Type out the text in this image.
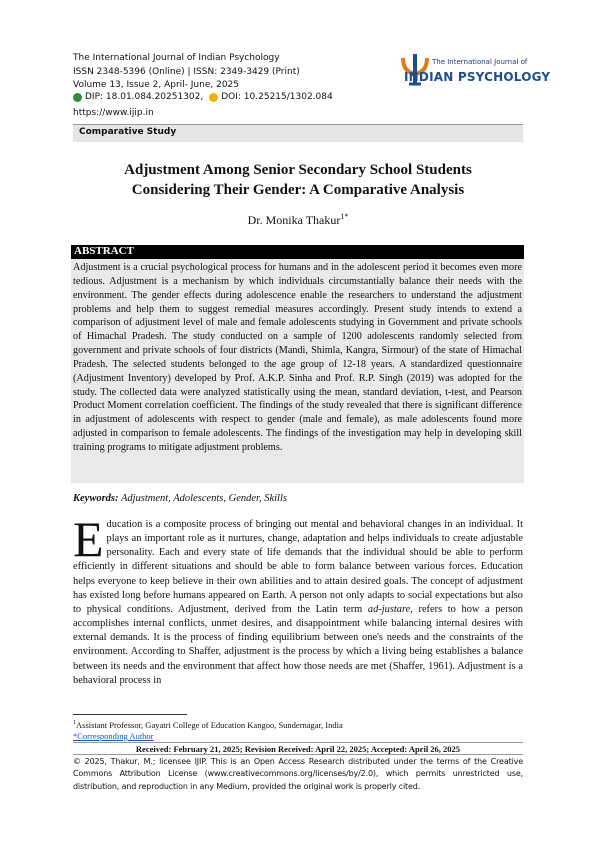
The International Journal of Indian Psychology
ISSN 2348-5396 (Online) | ISSN: 2349-3429 (Print)
Volume 13, Issue 2, April- June, 2025
DIP: 18.01.084.20251302, DOI: 10.25215/1302.084
https://www.ijip.in
The International Journal of
INDIAN PSYCHOLOGY
Comparative Study
Adjustment Among Senior Secondary School Students
Considering Their Gender: A Comparative Analysis
Dr. Monika Thakur$^{1*}$
ABSTRACT
Adjustment is a crucial psychological process for humans and in the adolescent period it becomes even more tedious. Adjustment is a mechanism by which individuals circumstantially balance their needs with the environment. The gender effects during adolescence enable the researchers to understand the adjustment problems and help them to suggest remedial measures accordingly. Present study intends to extend a comparison of adjustment level of male and female adolescents studying in Government and private schools of Himachal Pradesh. The study conducted on a sample of 1200 adolescents randomly selected from government and private schools of four districts (Mandi, Shimla, Kangra, Sirmour) of the state of Himachal Pradesh. The selected students belonged to the age group of 12-18 years. A standardized questionnaire (Adjustment Inventory) developed by Prof. A.K.P. Sinha and Prof. R.P. Singh (2019) was adopted for the study. The collected data were analyzed statistically using the mean, standard deviation, t-test, and Pearson Product Moment correlation coefficient. The findings of the study revealed that there is significant difference in adjustment of adolescents with respect to gender (male and female), as male adolescents found more adjusted in comparison to female adolescents. The findings of the investigation may help in developing skill training programs to mitigate adjustment problems.
Keywords: Adjustment, Adolescents, Gender, Skills
Education is a composite process of bringing out mental and behavioral changes in an individual. It plays an important role as it nurtures, change, adaptation and helps individuals to create adjustable personality. Each and every state of life demands that the individual should be able to perform efficiently in different situations and should be able to form balance between various forces. Education helps everyone to keep believe in their own abilities and to attain desired goals. The concept of adjustment has existed long before humans appeared on Earth. A person not only adapts to social expectations but also to physical conditions. Adjustment, derived from the Latin term ad-justare, refers to how a person accomplishes internal conflicts, unmet desires, and disappointment while balancing internal desires with external demands. It is the process of finding equilibrium between one's needs and the constraints of the environment. According to Shaffer, adjustment is the process by which a living being establishes a balance between its needs and the environment that affect how those needs are met (Shaffer, 1961). Adjustment is a behavioral process in
$^1$Assistant Professor, Gayatri College of Education Kangoo, Sundernagar, India
*Corresponding Author
Received: February 21, 2025; Revision Received: April 22, 2025; Accepted: April 26, 2025
© 2025, Thakur, M.; licensee IJIP. This is an Open Access Research distributed under the terms of the Creative Commons Attribution License (www.creativecommons.org/licenses/by/2.0), which permits unrestricted use, distribution, and reproduction in any Medium, provided the original work is properly cited.
